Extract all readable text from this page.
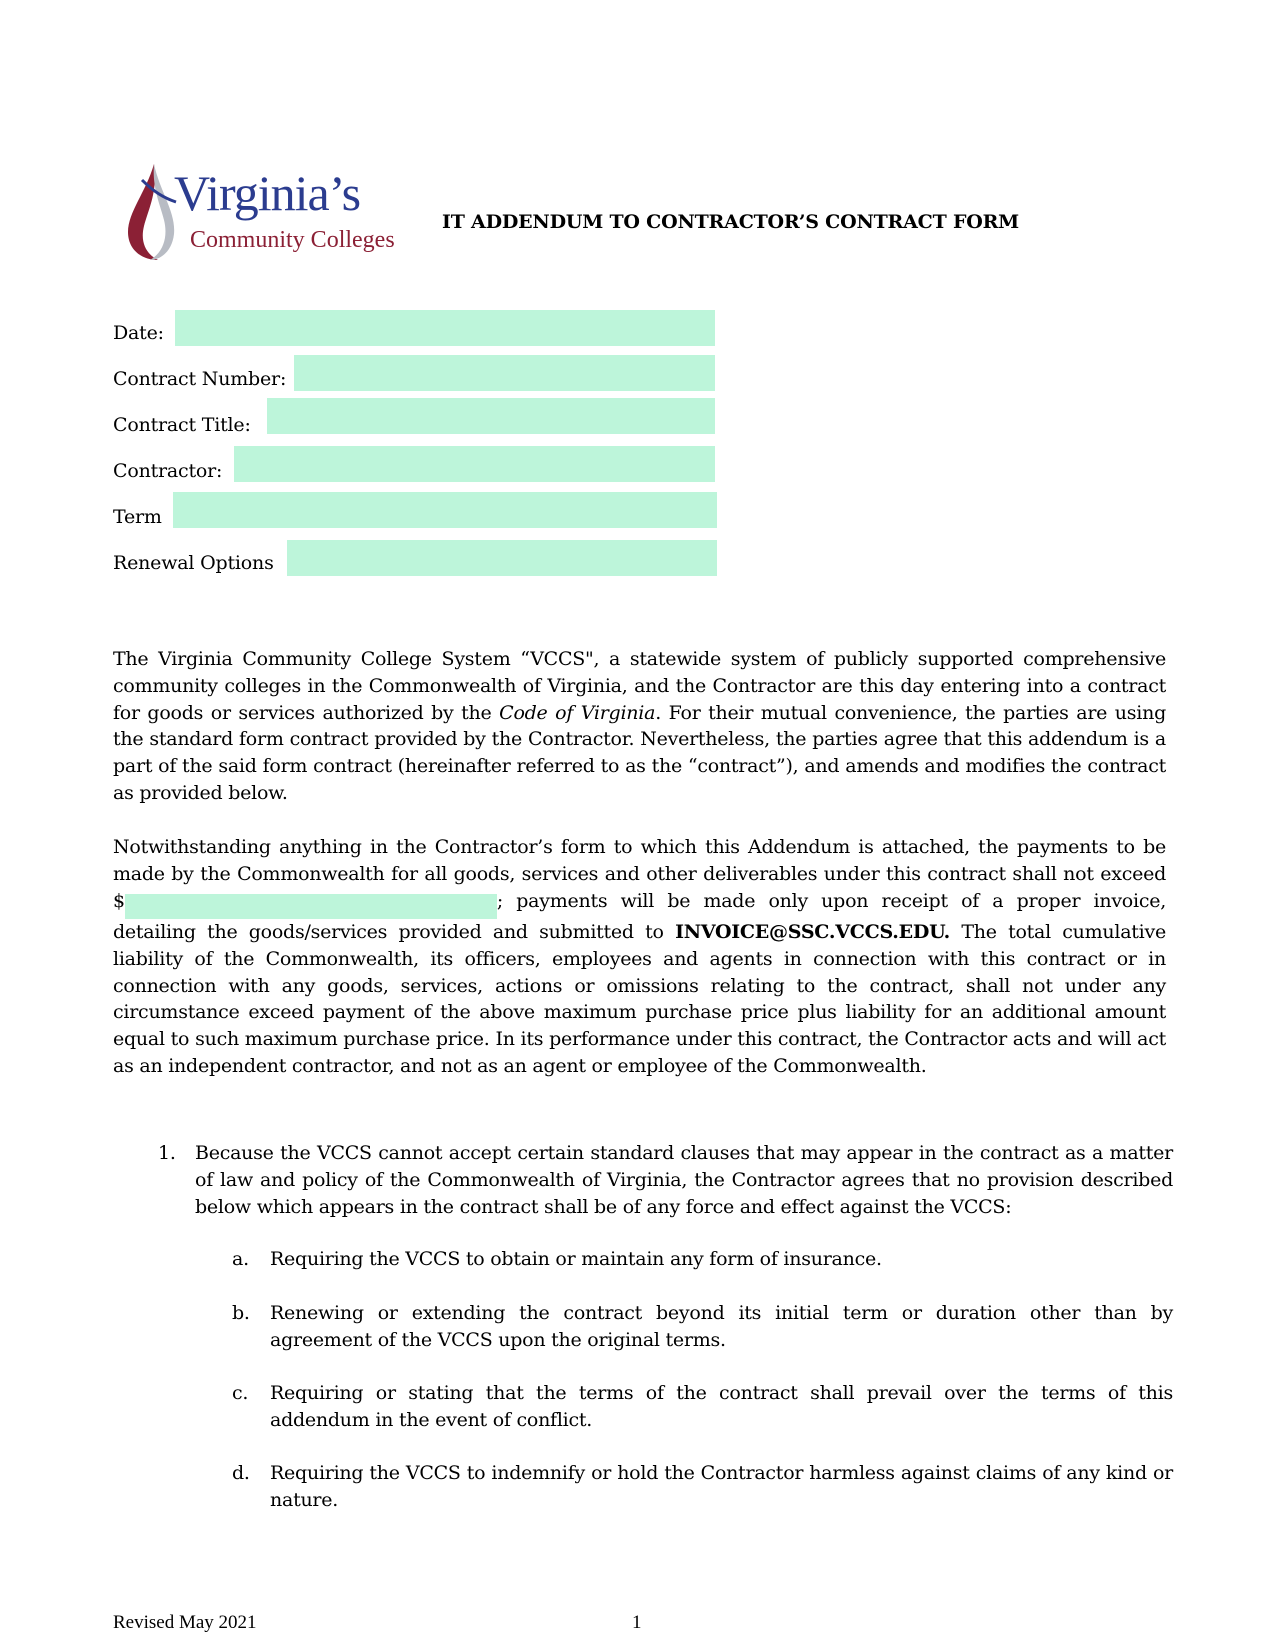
Virginia’s
Community Colleges
IT ADDENDUM TO CONTRACTOR’S CONTRACT FORM
Date:
Contract Number:
Contract Title:
Contractor:
Term
Renewal Options

The Virginia Community College System “VCCS", a statewide system of publicly supported comprehensive community colleges in the Commonwealth of Virginia, and the Contractor are this day entering into a contract for goods or services authorized by the Code of Virginia. For their mutual convenience, the parties are using the standard form contract provided by the Contractor. Nevertheless, the parties agree that this addendum is a part of the said form contract (hereinafter referred to as the “contract”), and amends and modifies the contract as provided below.

Notwithstanding anything in the Contractor’s form to which this Addendum is attached, the payments to be made by the Commonwealth for all goods, services and other deliverables under this contract shall not exceed $	; payments will be made only upon receipt of a proper invoice, detailing the goods/services provided and submitted to INVOICE@SSC.VCCS.EDU. The total cumulative liability of the Commonwealth, its officers, employees and agents in connection with this contract or in connection with any goods, services, actions or omissions relating to the contract, shall not under any circumstance exceed payment of the above maximum purchase price plus liability for an additional amount equal to such maximum purchase price. In its performance under this contract, the Contractor acts and will act as an independent contractor, and not as an agent or employee of the Commonwealth.

1. Because the VCCS cannot accept certain standard clauses that may appear in the contract as a matter of law and policy of the Commonwealth of Virginia, the Contractor agrees that no provision described below which appears in the contract shall be of any force and effect against the VCCS:

a. Requiring the VCCS to obtain or maintain any form of insurance.

b. Renewing or extending the contract beyond its initial term or duration other than by agreement of the VCCS upon the original terms.

c. Requiring or stating that the terms of the contract shall prevail over the terms of this addendum in the event of conflict.

d. Requiring the VCCS to indemnify or hold the Contractor harmless against claims of any kind or nature.

Revised May 2021	1
